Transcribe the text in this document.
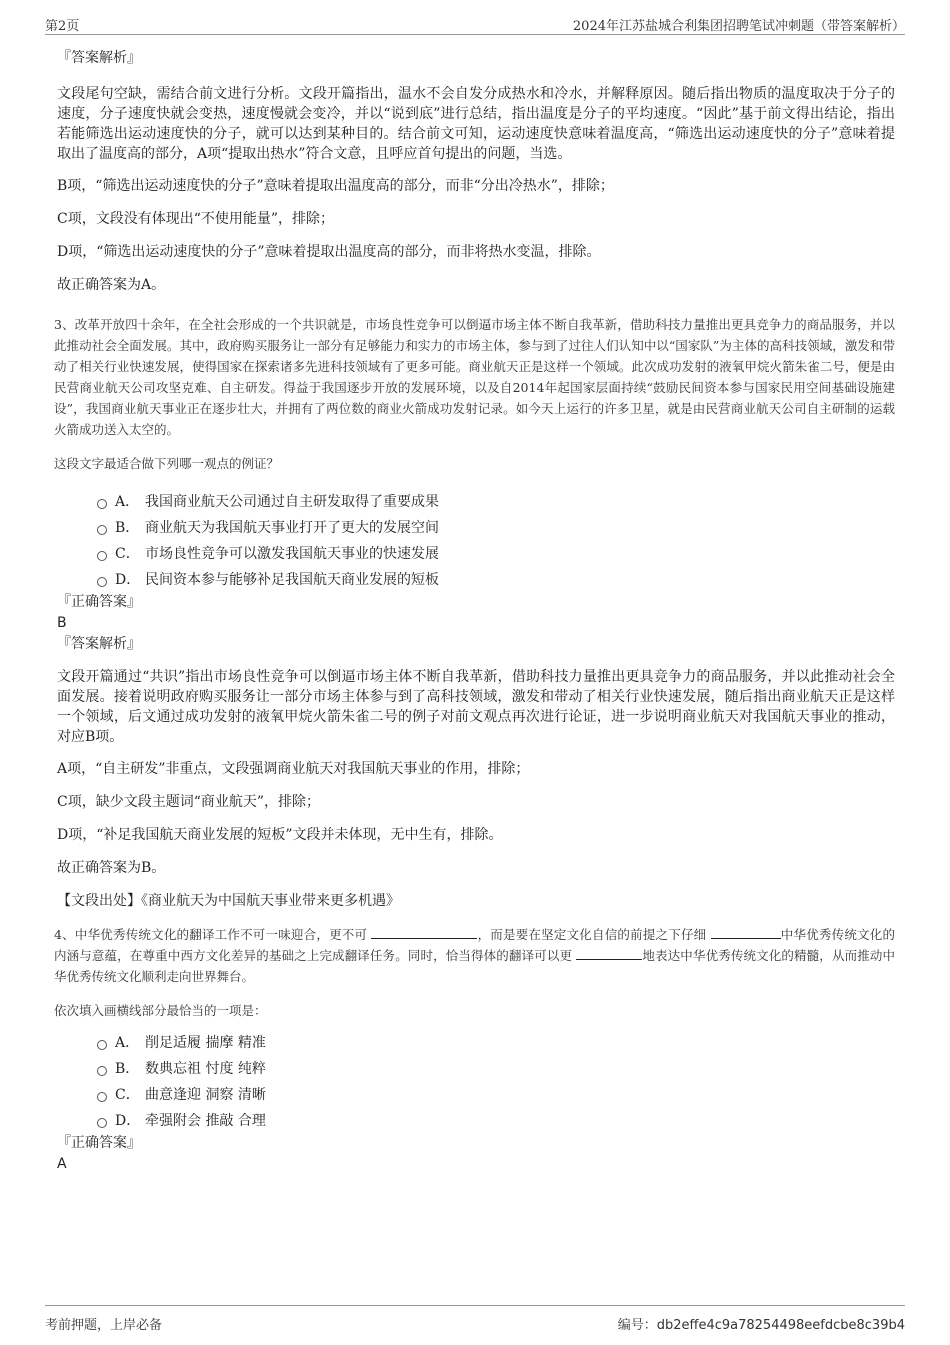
第2页	2024年江苏盐城合利集团招聘笔试冲刺题（带答案解析）

『答案解析』

文段尾句空缺，需结合前文进行分析。文段开篇指出，温水不会自发分成热水和冷水，并解释原因。随后指出物质的温度取决于分子的速度，分子速度快就会变热，速度慢就会变冷，并以“说到底”进行总结，指出温度是分子的平均速度。“因此”基于前文得出结论，指出若能筛选出运动速度快的分子，就可以达到某种目的。结合前文可知，运动速度快意味着温度高，“筛选出运动速度快的分子”意味着提取出了温度高的部分，A项“提取出热水”符合文意，且呼应首句提出的问题，当选。

B项，“筛选出运动速度快的分子”意味着提取出温度高的部分，而非“分出冷热水”，排除；

C项，文段没有体现出“不使用能量”，排除；

D项，“筛选出运动速度快的分子”意味着提取出温度高的部分，而非将热水变温，排除。

故正确答案为A。

3、改革开放四十余年，在全社会形成的一个共识就是，市场良性竞争可以倒逼市场主体不断自我革新，借助科技力量推出更具竞争力的商品服务，并以此推动社会全面发展。其中，政府购买服务让一部分有足够能力和实力的市场主体，参与到了过往人们认知中以“国家队”为主体的高科技领域，激发和带动了相关行业快速发展，使得国家在探索诸多先进科技领域有了更多可能。商业航天正是这样一个领域。此次成功发射的液氧甲烷火箭朱雀二号，便是由民营商业航天公司攻坚克难、自主研发。得益于我国逐步开放的发展环境，以及自2014年起国家层面持续“鼓励民间资本参与国家民用空间基础设施建设”，我国商业航天事业正在逐步壮大，并拥有了两位数的商业火箭成功发射记录。如今天上运行的许多卫星，就是由民营商业航天公司自主研制的运载火箭成功送入太空的。

这段文字最适合做下列哪一观点的例证？

A． 我国商业航天公司通过自主研发取得了重要成果
B． 商业航天为我国航天事业打开了更大的发展空间
C． 市场良性竞争可以激发我国航天事业的快速发展
D． 民间资本参与能够补足我国航天商业发展的短板

『正确答案』

B

『答案解析』

文段开篇通过“共识”指出市场良性竞争可以倒逼市场主体不断自我革新，借助科技力量推出更具竞争力的商品服务，并以此推动社会全面发展。接着说明政府购买服务让一部分市场主体参与到了高科技领域，激发和带动了相关行业快速发展，随后指出商业航天正是这样一个领域，后文通过成功发射的液氧甲烷火箭朱雀二号的例子对前文观点再次进行论证，进一步说明商业航天对我国航天事业的推动，对应B项。

A项，“自主研发”非重点，文段强调商业航天对我国航天事业的作用，排除；

C项，缺少文段主题词“商业航天”，排除；

D项，“补足我国航天商业发展的短板”文段并未体现，无中生有，排除。

故正确答案为B。

【文段出处】《商业航天为中国航天事业带来更多机遇》

4、中华优秀传统文化的翻译工作不可一味迎合，更不可	，而是要在坚定文化自信的前提之下仔细	中华优秀传统文化的内涵与意蕴，在尊重中西方文化差异的基础之上完成翻译任务。同时，恰当得体的翻译可以更	地表达中华优秀传统文化的精髓，从而推动中华优秀传统文化顺利走向世界舞台。

依次填入画横线部分最恰当的一项是：

A． 削足适履 揣摩 精准
B． 数典忘祖 忖度 纯粹
C． 曲意逢迎 洞察 清晰
D． 牵强附会 推敲 合理

『正确答案』

A

考前押题，上岸必备	编号：db2effe4c9a78254498eefdcbe8c39b4
